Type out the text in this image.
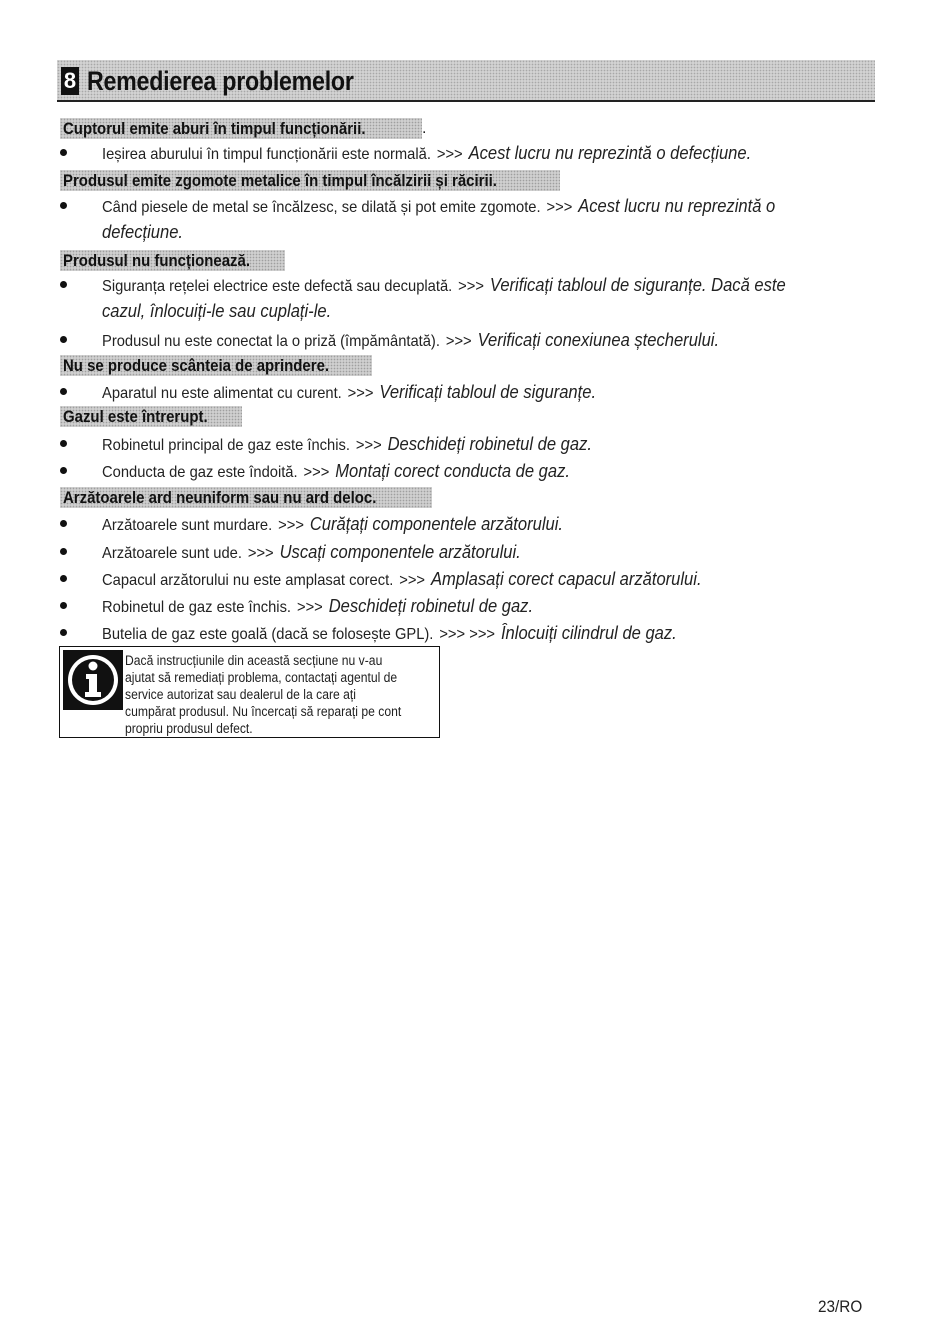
8 Remedierea problemelor
Cuptorul emite aburi în timpul funcționării.	.
Ieșirea aburului în timpul funcționării este normală. >>> Acest lucru nu reprezintă o defecțiune.
Produsul emite zgomote metalice în timpul încălzirii și răcirii.
Când piesele de metal se încălzesc, se dilată și pot emite zgomote. >>> Acest lucru nu reprezintă o defecțiune.
Produsul nu funcționează.
Siguranța rețelei electrice este defectă sau decuplată. >>> Verificați tabloul de siguranțe. Dacă este cazul, înlocuiți-le sau cuplați-le.
Produsul nu este conectat la o priză (împământată). >>> Verificați conexiunea ștecherului.
Nu se produce scânteia de aprindere.
Aparatul nu este alimentat cu curent. >>> Verificați tabloul de siguranțe.
Gazul este întrerupt.
Robinetul principal de gaz este închis. >>> Deschideți robinetul de gaz.
Conducta de gaz este îndoită. >>> Montați corect conducta de gaz.
Arzătoarele ard neuniform sau nu ard deloc.
Arzătoarele sunt murdare. >>> Curățați componentele arzătorului.
Arzătoarele sunt ude. >>> Uscați componentele arzătorului.
Capacul arzătorului nu este amplasat corect. >>> Amplasați corect capacul arzătorului.
Robinetul de gaz este închis. >>> Deschideți robinetul de gaz.
Butelia de gaz este goală (dacă se folosește GPL). >>> >>> Înlocuiți cilindrul de gaz.
Dacă instrucțiunile din această secțiune nu v-au ajutat să remediați problema, contactați agentul de service autorizat sau dealerul de la care ați cumpărat produsul. Nu încercați să reparați pe cont propriu produsul defect.
23/RO
